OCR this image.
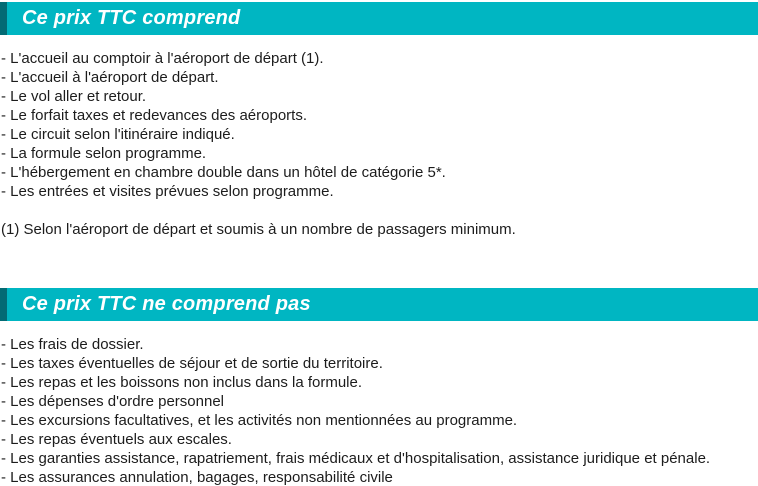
Ce prix TTC comprend
- L'accueil au comptoir à l'aéroport de départ (1).
- L'accueil à l'aéroport de départ.
- Le vol aller et retour.
- Le forfait taxes et redevances des aéroports.
- Le circuit selon l'itinéraire indiqué.
- La formule selon programme.
- L'hébergement en chambre double dans un hôtel de catégorie 5*.
- Les entrées et visites prévues selon programme.
(1) Selon l'aéroport de départ et soumis à un nombre de passagers minimum.
Ce prix TTC ne comprend pas
- Les frais de dossier.
- Les taxes éventuelles de séjour et de sortie du territoire.
- Les repas et les boissons non inclus dans la formule.
- Les dépenses d'ordre personnel
- Les excursions facultatives, et les activités non mentionnées au programme.
- Les repas éventuels aux escales.
- Les garanties assistance, rapatriement, frais médicaux et d'hospitalisation, assistance juridique et pénale.
- Les assurances annulation, bagages, responsabilité civile
